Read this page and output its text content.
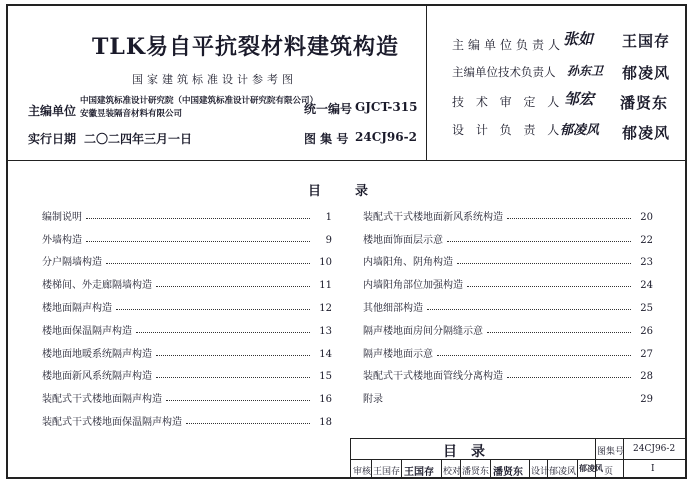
TLK易自平抗裂材料建筑构造
国家建筑标准设计参考图
主编单位
中国建筑标准设计研究院（中国建筑标准设计研究院有限公司）
安徽昱装隔音材料有限公司	统一编号 GJCT-315
实行日期 二〇二四年三月一日	图 集 号 24CJ96-2
主编单位负责人
张如 王国存
主编单位技术负责人 孙东卫 郁凌风
技 术 审 定 人 邹宏 潘贤东
设 计 负 责 人
郁凌风 郁凌风
目录
编制说明	1
外墙构造	9
分户隔墙构造	10
楼梯间、外走廊隔墙构造	11
楼地面隔声构造	12
楼地面保温隔声构造	13
楼地面地暖系统隔声构造	14
楼地面新风系统隔声构造	15
装配式干式楼地面隔声构造	16
装配式干式楼地面保温隔声构造	18
装配式干式楼地面新风系统构造	20
楼地面饰面层示意	22
内墙阳角、阴角构造	23
内墙阳角部位加强构造	24
其他细部构造	25
隔声楼地面房间分隔缝示意	26
隔声楼地面示意	27
装配式干式楼地面管线分离构造	28
附录	29
目录	图集号 24CJ96-2
审核 王国存 王国存 校对 潘贤东 潘贤东 设计 郁凌风 郁凌风 页	I
